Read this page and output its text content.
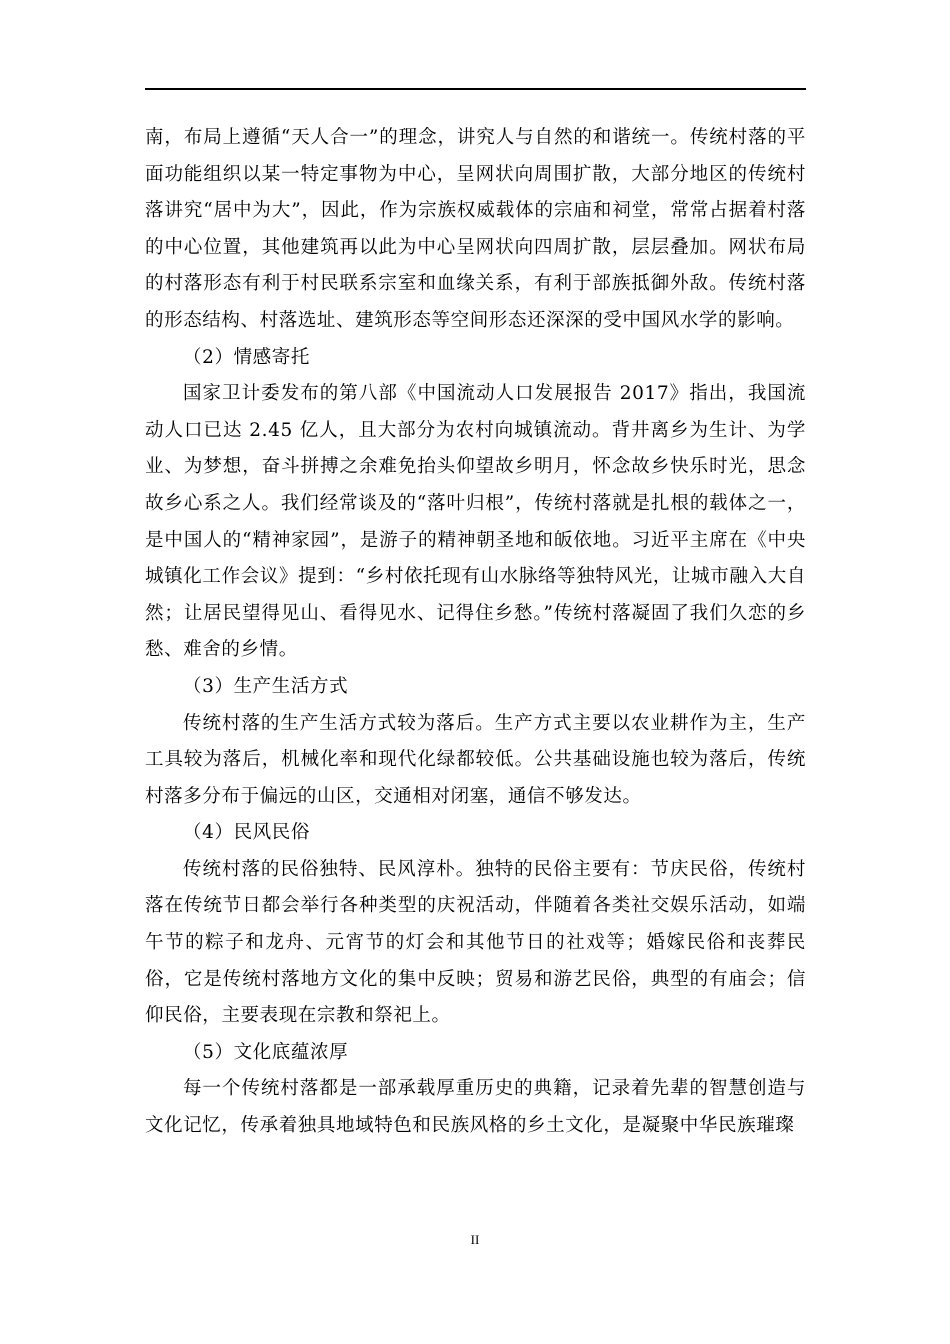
南，布局上遵循“天人合一”的理念，讲究人与自然的和谐统一。传统村落的平面功能组织以某一特定事物为中心，呈网状向周围扩散，大部分地区的传统村落讲究“居中为大”，因此，作为宗族权威载体的宗庙和祠堂，常常占据着村落的中心位置，其他建筑再以此为中心呈网状向四周扩散，层层叠加。网状布局的村落形态有利于村民联系宗室和血缘关系，有利于部族抵御外敌。传统村落的形态结构、村落选址、建筑形态等空间形态还深深的受中国风水学的影响。

（2）情感寄托

国家卫计委发布的第八部《中国流动人口发展报告 2017》指出，我国流动人口已达 2.45 亿人，且大部分为农村向城镇流动。背井离乡为生计、为学业、为梦想，奋斗拼搏之余难免抬头仰望故乡明月，怀念故乡快乐时光，思念故乡心系之人。我们经常谈及的“落叶归根”，传统村落就是扎根的载体之一，是中国人的“精神家园”，是游子的精神朝圣地和皈依地。习近平主席在《中央城镇化工作会议》提到：“乡村依托现有山水脉络等独特风光，让城市融入大自然；让居民望得见山、看得见水、记得住乡愁。”传统村落凝固了我们久恋的乡愁、难舍的乡情。

（3）生产生活方式

传统村落的生产生活方式较为落后。生产方式主要以农业耕作为主，生产工具较为落后，机械化率和现代化绿都较低。公共基础设施也较为落后，传统村落多分布于偏远的山区，交通相对闭塞，通信不够发达。

（4）民风民俗

传统村落的民俗独特、民风淳朴。独特的民俗主要有：节庆民俗，传统村落在传统节日都会举行各种类型的庆祝活动，伴随着各类社交娱乐活动，如端午节的粽子和龙舟、元宵节的灯会和其他节日的社戏等；婚嫁民俗和丧葬民俗，它是传统村落地方文化的集中反映；贸易和游艺民俗，典型的有庙会；信仰民俗，主要表现在宗教和祭祀上。

（5）文化底蕴浓厚

每一个传统村落都是一部承载厚重历史的典籍，记录着先辈的智慧创造与文化记忆，传承着独具地域特色和民族风格的乡土文化，是凝聚中华民族璀璨

II
